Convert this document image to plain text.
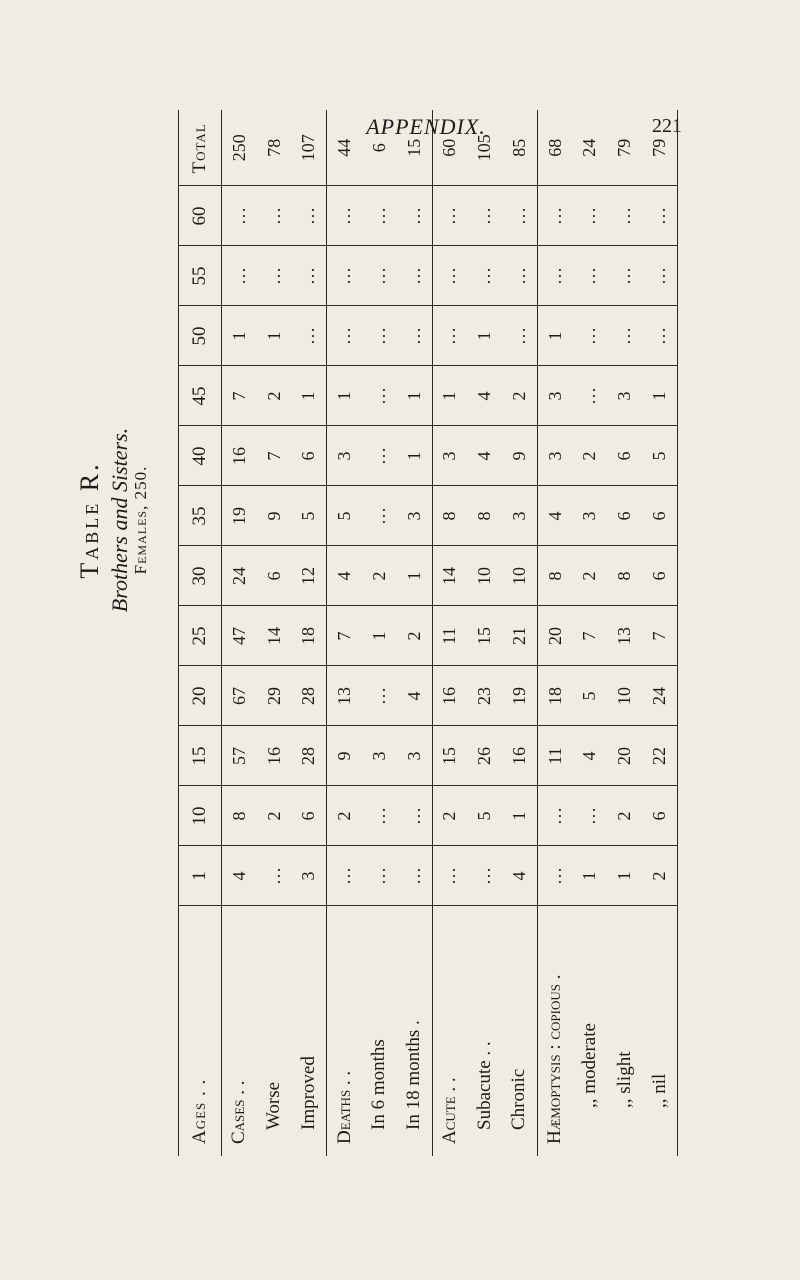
APPENDIX.	221
Table R. Brothers and Sisters. Females, 250.
Ages . .	1	10	15	20	25	30	35	40	45	50	55	60	Total
Cases . .	4	8	57	67	47	24	19	16	7	1	…	…	250
Worse	…	2	16	29	14	6	9	7	2	1	…	…	78
Improved	3	6	28	28	18	12	5	6	1	…	…	…	107
Deaths . .	…	2	9	13	7	4	5	3	1	…	…	…	44
In 6 months	…	…	3	…	1	2	…	…	…	…	…	…	6
In 18 months .	…	…	3	4	2	1	3	1	1	…	…	…	15
Acute . .	…	2	15	16	11	14	8	3	1	…	…	…	60
Subacute . .	…	5	26	23	15	10	8	4	4	1	…	…	105
Chronic	4	1	16	19	21	10	3	9	2	…	…	…	85
Hæmoptysis : copious .	…	…	11	18	20	8	4	3	3	1	…	…	68
,, moderate	1	…	4	5	7	2	3	2	…	…	…	…	24
,, slight	1	2	20	10	13	8	6	6	3	…	…	…	79
,, nil	2	6	22	24	7	6	6	5	1	…	…	…	79
